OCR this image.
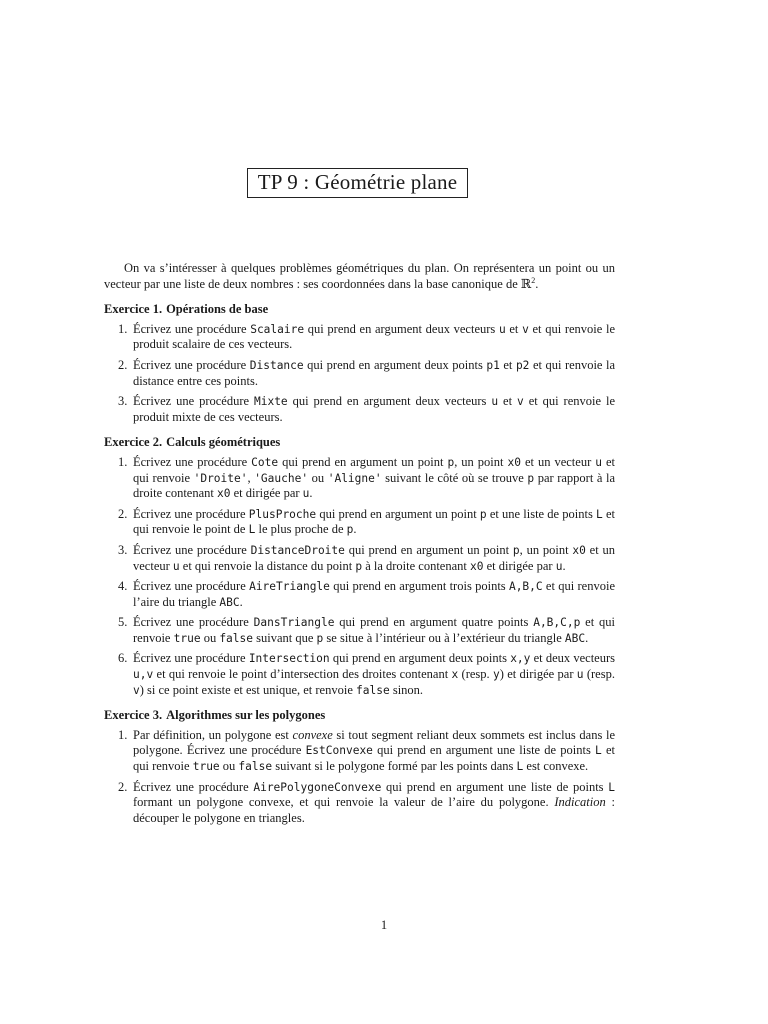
TP 9 : Géométrie plane

On va s’intéresser à quelques problèmes géométriques du plan. On représentera un point ou un vecteur par une liste de deux nombres : ses coordonnées dans la base canonique de ℝ$^2$.

Exercice 1. Opérations de base
1. Écrivez une procédure Scalaire qui prend en argument deux vecteurs u et v et qui renvoie le produit scalaire de ces vecteurs.
2. Écrivez une procédure Distance qui prend en argument deux points p1 et p2 et qui renvoie la distance entre ces points.
3. Écrivez une procédure Mixte qui prend en argument deux vecteurs u et v et qui renvoie le produit mixte de ces vecteurs.
Exercice 2. Calculs géométriques
1. Écrivez une procédure Cote qui prend en argument un point p, un point x0 et un vecteur u et qui renvoie 'Droite', 'Gauche' ou 'Aligne' suivant le côté où se trouve p par rapport à la droite contenant x0 et dirigée par u.
2. Écrivez une procédure PlusProche qui prend en argument un point p et une liste de points L et qui renvoie le point de L le plus proche de p.
3. Écrivez une procédure DistanceDroite qui prend en argument un point p, un point x0 et un vecteur u et qui renvoie la distance du point p à la droite contenant x0 et dirigée par u.
4. Écrivez une procédure AireTriangle qui prend en argument trois points A,B,C et qui renvoie l’aire du triangle ABC.
5. Écrivez une procédure DansTriangle qui prend en argument quatre points A,B,C,p et qui renvoie true ou false suivant que p se situe à l’intérieur ou à l’extérieur du triangle ABC.
6. Écrivez une procédure Intersection qui prend en argument deux points x,y et deux vecteurs u,v et qui renvoie le point d’intersection des droites contenant x (resp. y) et dirigée par u (resp. v) si ce point existe et est unique, et renvoie false sinon.
Exercice 3. Algorithmes sur les polygones
1. Par définition, un polygone est convexe si tout segment reliant deux sommets est inclus dans le polygone. Écrivez une procédure EstConvexe qui prend en argument une liste de points L et qui renvoie true ou false suivant si le polygone formé par les points dans L est convexe.
2. Écrivez une procédure AirePolygoneConvexe qui prend en argument une liste de points L formant un polygone convexe, et qui renvoie la valeur de l’aire du polygone. Indication : découper le polygone en triangles.
1
